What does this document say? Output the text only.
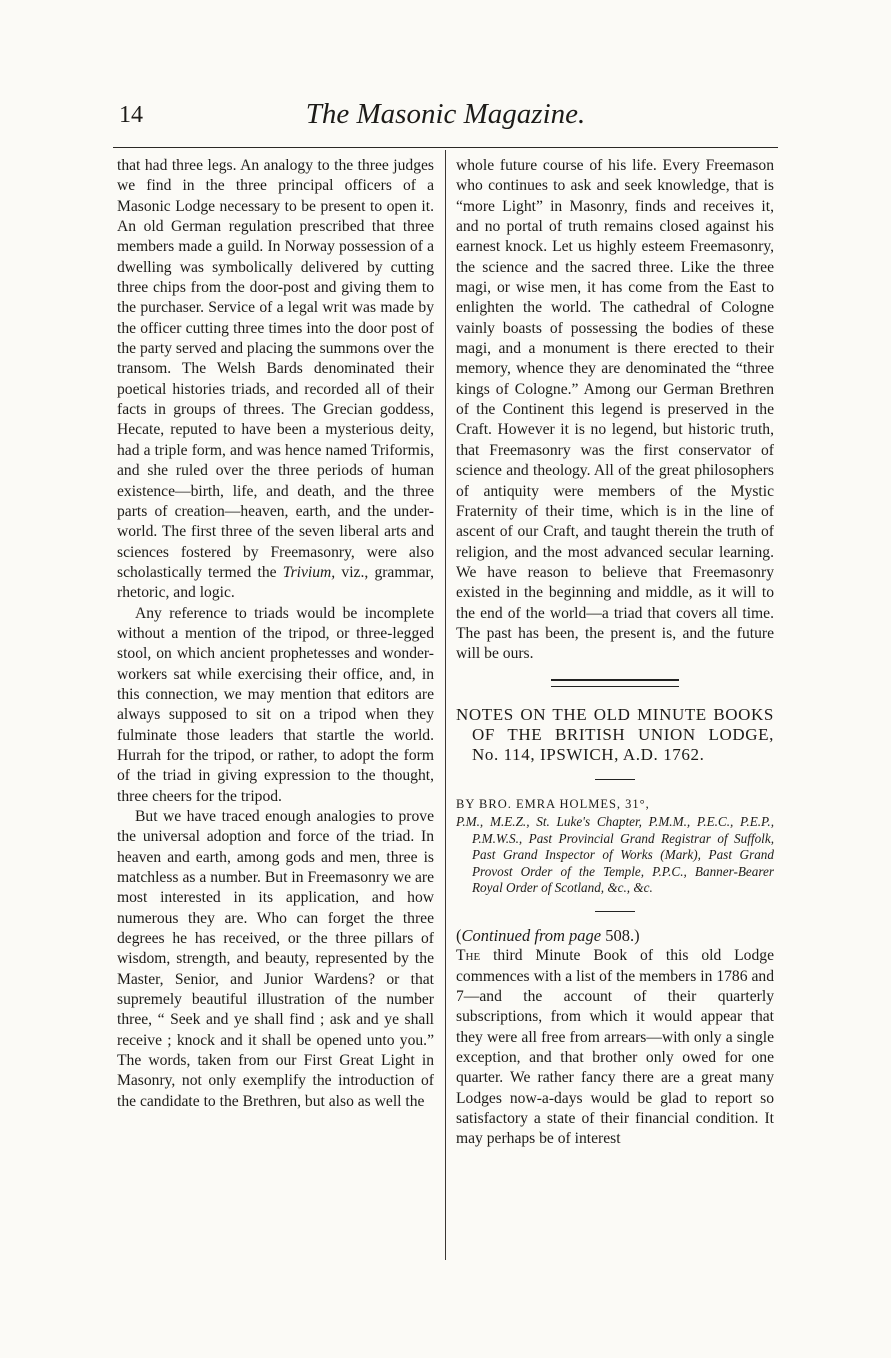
14	The Masonic Magazine.

that had three legs. An analogy to the three judges we find in the three principal officers of a Masonic Lodge necessary to be present to open it. An old German regulation prescribed that three members made a guild. In Norway possession of a dwelling was symbolically delivered by cutting three chips from the door-post and giving them to the purchaser. Service of a legal writ was made by the officer cutting three times into the door post of the party served and placing the summons over the transom. The Welsh Bards denominated their poetical histories triads, and recorded all of their facts in groups of threes. The Grecian goddess, Hecate, reputed to have been a mysterious deity, had a triple form, and was hence named Triformis, and she ruled over the three periods of human existence—birth, life, and death, and the three parts of creation—heaven, earth, and the under-world. The first three of the seven liberal arts and sciences fostered by Freemasonry, were also scholastically termed the Trivium, viz., grammar, rhetoric, and logic.

Any reference to triads would be incomplete without a mention of the tripod, or three-legged stool, on which ancient prophetesses and wonder-workers sat while exercising their office, and, in this connection, we may mention that editors are always supposed to sit on a tripod when they fulminate those leaders that startle the world. Hurrah for the tripod, or rather, to adopt the form of the triad in giving expression to the thought, three cheers for the tripod.

But we have traced enough analogies to prove the universal adoption and force of the triad. In heaven and earth, among gods and men, three is matchless as a number. But in Freemasonry we are most interested in its application, and how numerous they are. Who can forget the three degrees he has received, or the three pillars of wisdom, strength, and beauty, represented by the Master, Senior, and Junior Wardens? or that supremely beautiful illustration of the number three, “ Seek and ye shall find ; ask and ye shall receive ; knock and it shall be opened unto you.” The words, taken from our First Great Light in Masonry, not only exemplify the introduction of the candidate to the Brethren, but also as well the

whole future course of his life. Every Freemason who continues to ask and seek knowledge, that is “more Light” in Masonry, finds and receives it, and no portal of truth remains closed against his earnest knock. Let us highly esteem Freemasonry, the science and the sacred three. Like the three magi, or wise men, it has come from the East to enlighten the world. The cathedral of Cologne vainly boasts of possessing the bodies of these magi, and a monument is there erected to their memory, whence they are denominated the “three kings of Cologne.” Among our German Brethren of the Continent this legend is preserved in the Craft. However it is no legend, but historic truth, that Freemasonry was the first conservator of science and theology. All of the great philosophers of antiquity were members of the Mystic Fraternity of their time, which is in the line of ascent of our Craft, and taught therein the truth of religion, and the most advanced secular learning. We have reason to believe that Freemasonry existed in the beginning and middle, as it will to the end of the world—a triad that covers all time. The past has been, the present is, and the future will be ours.

NOTES ON THE OLD MINUTE BOOKS OF THE BRITISH UNION LODGE, No. 114, IPSWICH, A.D. 1762.

BY BRO. EMRA HOLMES, 31°,

P.M., M.E.Z., St. Luke's Chapter, P.M.M., P.E.C., P.E.P., P.M.W.S., Past Provincial Grand Registrar of Suffolk, Past Grand Inspector of Works (Mark), Past Grand Provost Order of the Temple, P.P.C., Banner-Bearer Royal Order of Scotland, &c., &c.

(Continued from page 508.)

The third Minute Book of this old Lodge commences with a list of the members in 1786 and 7—and the account of their quarterly subscriptions, from which it would appear that they were all free from arrears—with only a single exception, and that brother only owed for one quarter. We rather fancy there are a great many Lodges now-a-days would be glad to report so satisfactory a state of their financial condition. It may perhaps be of interest
